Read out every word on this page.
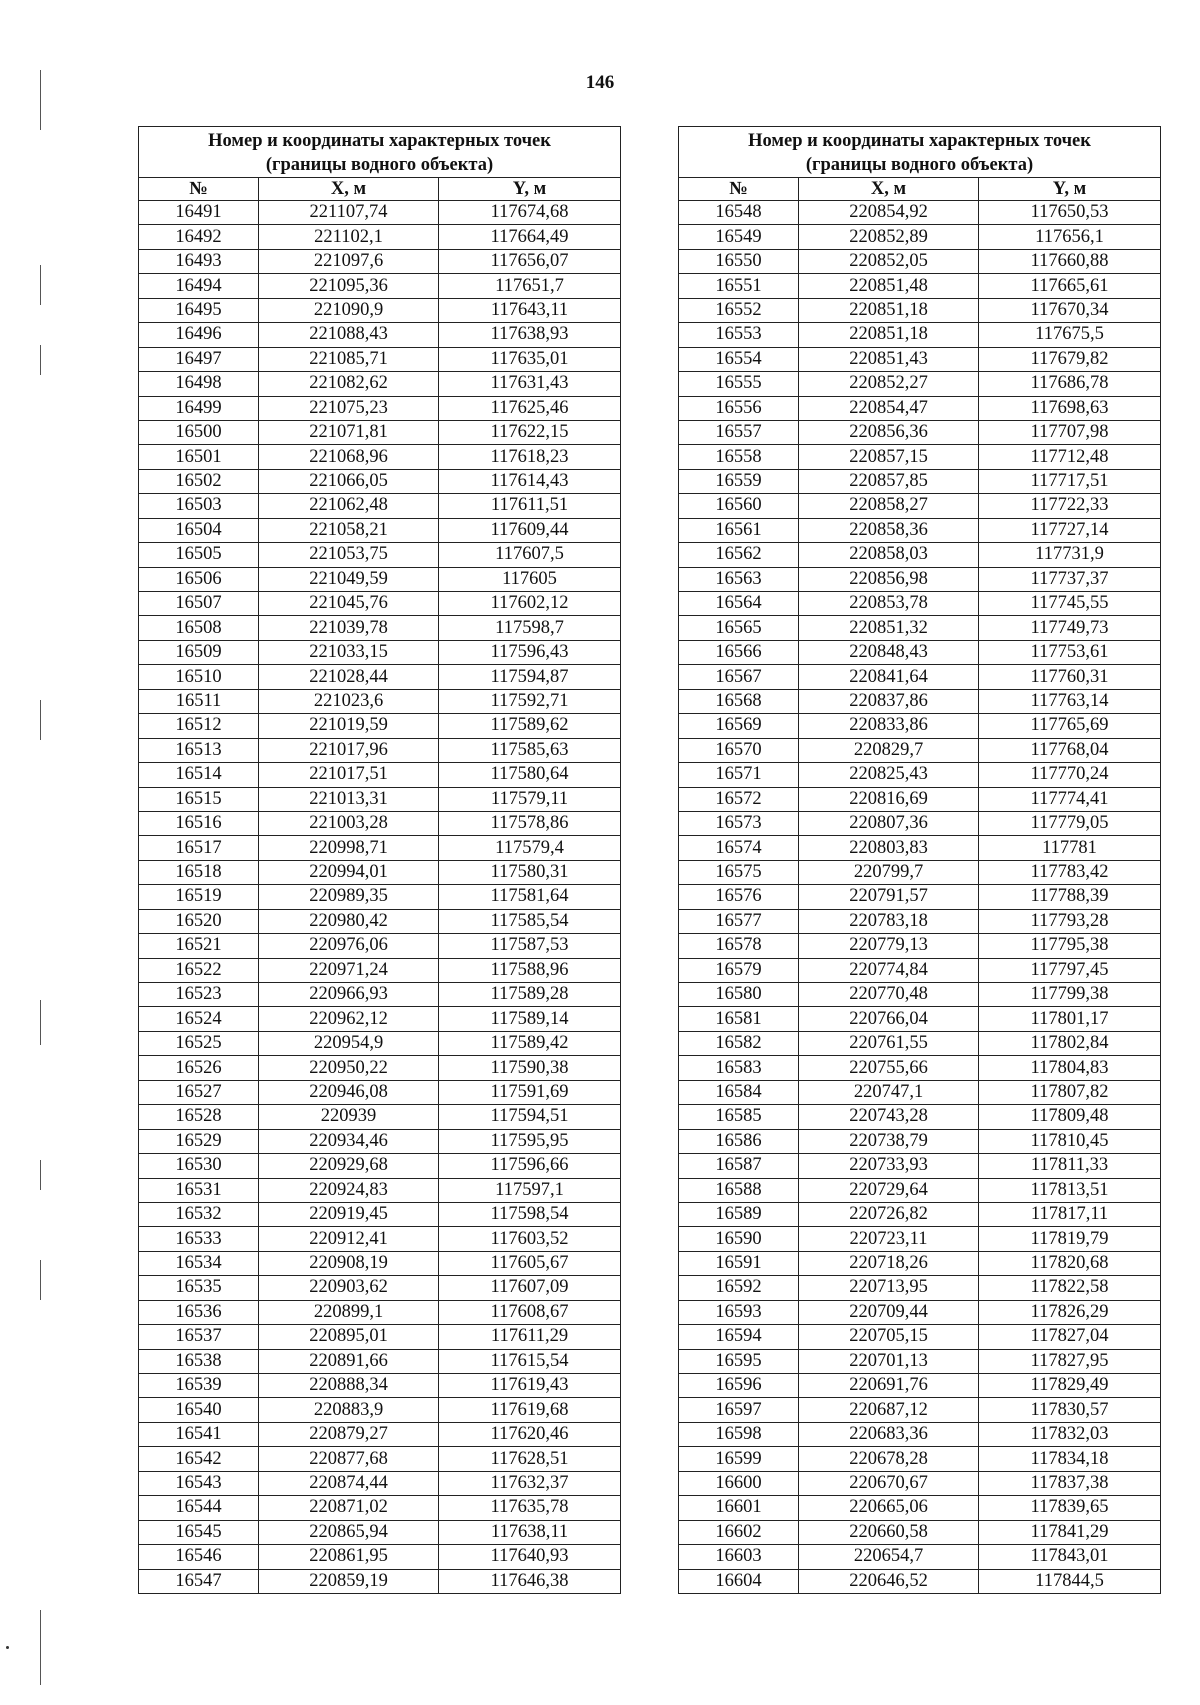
146
Номер и координаты характерных точек
(границы водного объекта)		

№	X, м	Y, м
16491	221107,74	117674,68
16492	221102,1	117664,49
16493	221097,6	117656,07
16494	221095,36	117651,7
16495	221090,9	117643,11
16496	221088,43	117638,93
16497	221085,71	117635,01
16498	221082,62	117631,43
16499	221075,23	117625,46
16500	221071,81	117622,15
16501	221068,96	117618,23
16502	221066,05	117614,43
16503	221062,48	117611,51
16504	221058,21	117609,44
16505	221053,75	117607,5
16506	221049,59	117605
16507	221045,76	117602,12
16508	221039,78	117598,7
16509	221033,15	117596,43
16510	221028,44	117594,87
16511	221023,6	117592,71
16512	221019,59	117589,62
16513	221017,96	117585,63
16514	221017,51	117580,64
16515	221013,31	117579,11
16516	221003,28	117578,86
16517	220998,71	117579,4
16518	220994,01	117580,31
16519	220989,35	117581,64
16520	220980,42	117585,54
16521	220976,06	117587,53
16522	220971,24	117588,96
16523	220966,93	117589,28
16524	220962,12	117589,14
16525	220954,9	117589,42
16526	220950,22	117590,38
16527	220946,08	117591,69
16528	220939	117594,51
16529	220934,46	117595,95
16530	220929,68	117596,66
16531	220924,83	117597,1
16532	220919,45	117598,54
16533	220912,41	117603,52
16534	220908,19	117605,67
16535	220903,62	117607,09
16536	220899,1	117608,67
16537	220895,01	117611,29
16538	220891,66	117615,54
16539	220888,34	117619,43
16540	220883,9	117619,68
16541	220879,27	117620,46
16542	220877,68	117628,51
16543	220874,44	117632,37
16544	220871,02	117635,78
16545	220865,94	117638,11
16546	220861,95	117640,93
16547	220859,19	117646,38
Номер и координаты характерных точек
(границы водного объекта)		

№	X, м	Y, м
16548	220854,92	117650,53
16549	220852,89	117656,1
16550	220852,05	117660,88
16551	220851,48	117665,61
16552	220851,18	117670,34
16553	220851,18	117675,5
16554	220851,43	117679,82
16555	220852,27	117686,78
16556	220854,47	117698,63
16557	220856,36	117707,98
16558	220857,15	117712,48
16559	220857,85	117717,51
16560	220858,27	117722,33
16561	220858,36	117727,14
16562	220858,03	117731,9
16563	220856,98	117737,37
16564	220853,78	117745,55
16565	220851,32	117749,73
16566	220848,43	117753,61
16567	220841,64	117760,31
16568	220837,86	117763,14
16569	220833,86	117765,69
16570	220829,7	117768,04
16571	220825,43	117770,24
16572	220816,69	117774,41
16573	220807,36	117779,05
16574	220803,83	117781
16575	220799,7	117783,42
16576	220791,57	117788,39
16577	220783,18	117793,28
16578	220779,13	117795,38
16579	220774,84	117797,45
16580	220770,48	117799,38
16581	220766,04	117801,17
16582	220761,55	117802,84
16583	220755,66	117804,83
16584	220747,1	117807,82
16585	220743,28	117809,48
16586	220738,79	117810,45
16587	220733,93	117811,33
16588	220729,64	117813,51
16589	220726,82	117817,11
16590	220723,11	117819,79
16591	220718,26	117820,68
16592	220713,95	117822,58
16593	220709,44	117826,29
16594	220705,15	117827,04
16595	220701,13	117827,95
16596	220691,76	117829,49
16597	220687,12	117830,57
16598	220683,36	117832,03
16599	220678,28	117834,18
16600	220670,67	117837,38
16601	220665,06	117839,65
16602	220660,58	117841,29
16603	220654,7	117843,01
16604	220646,52	117844,5
